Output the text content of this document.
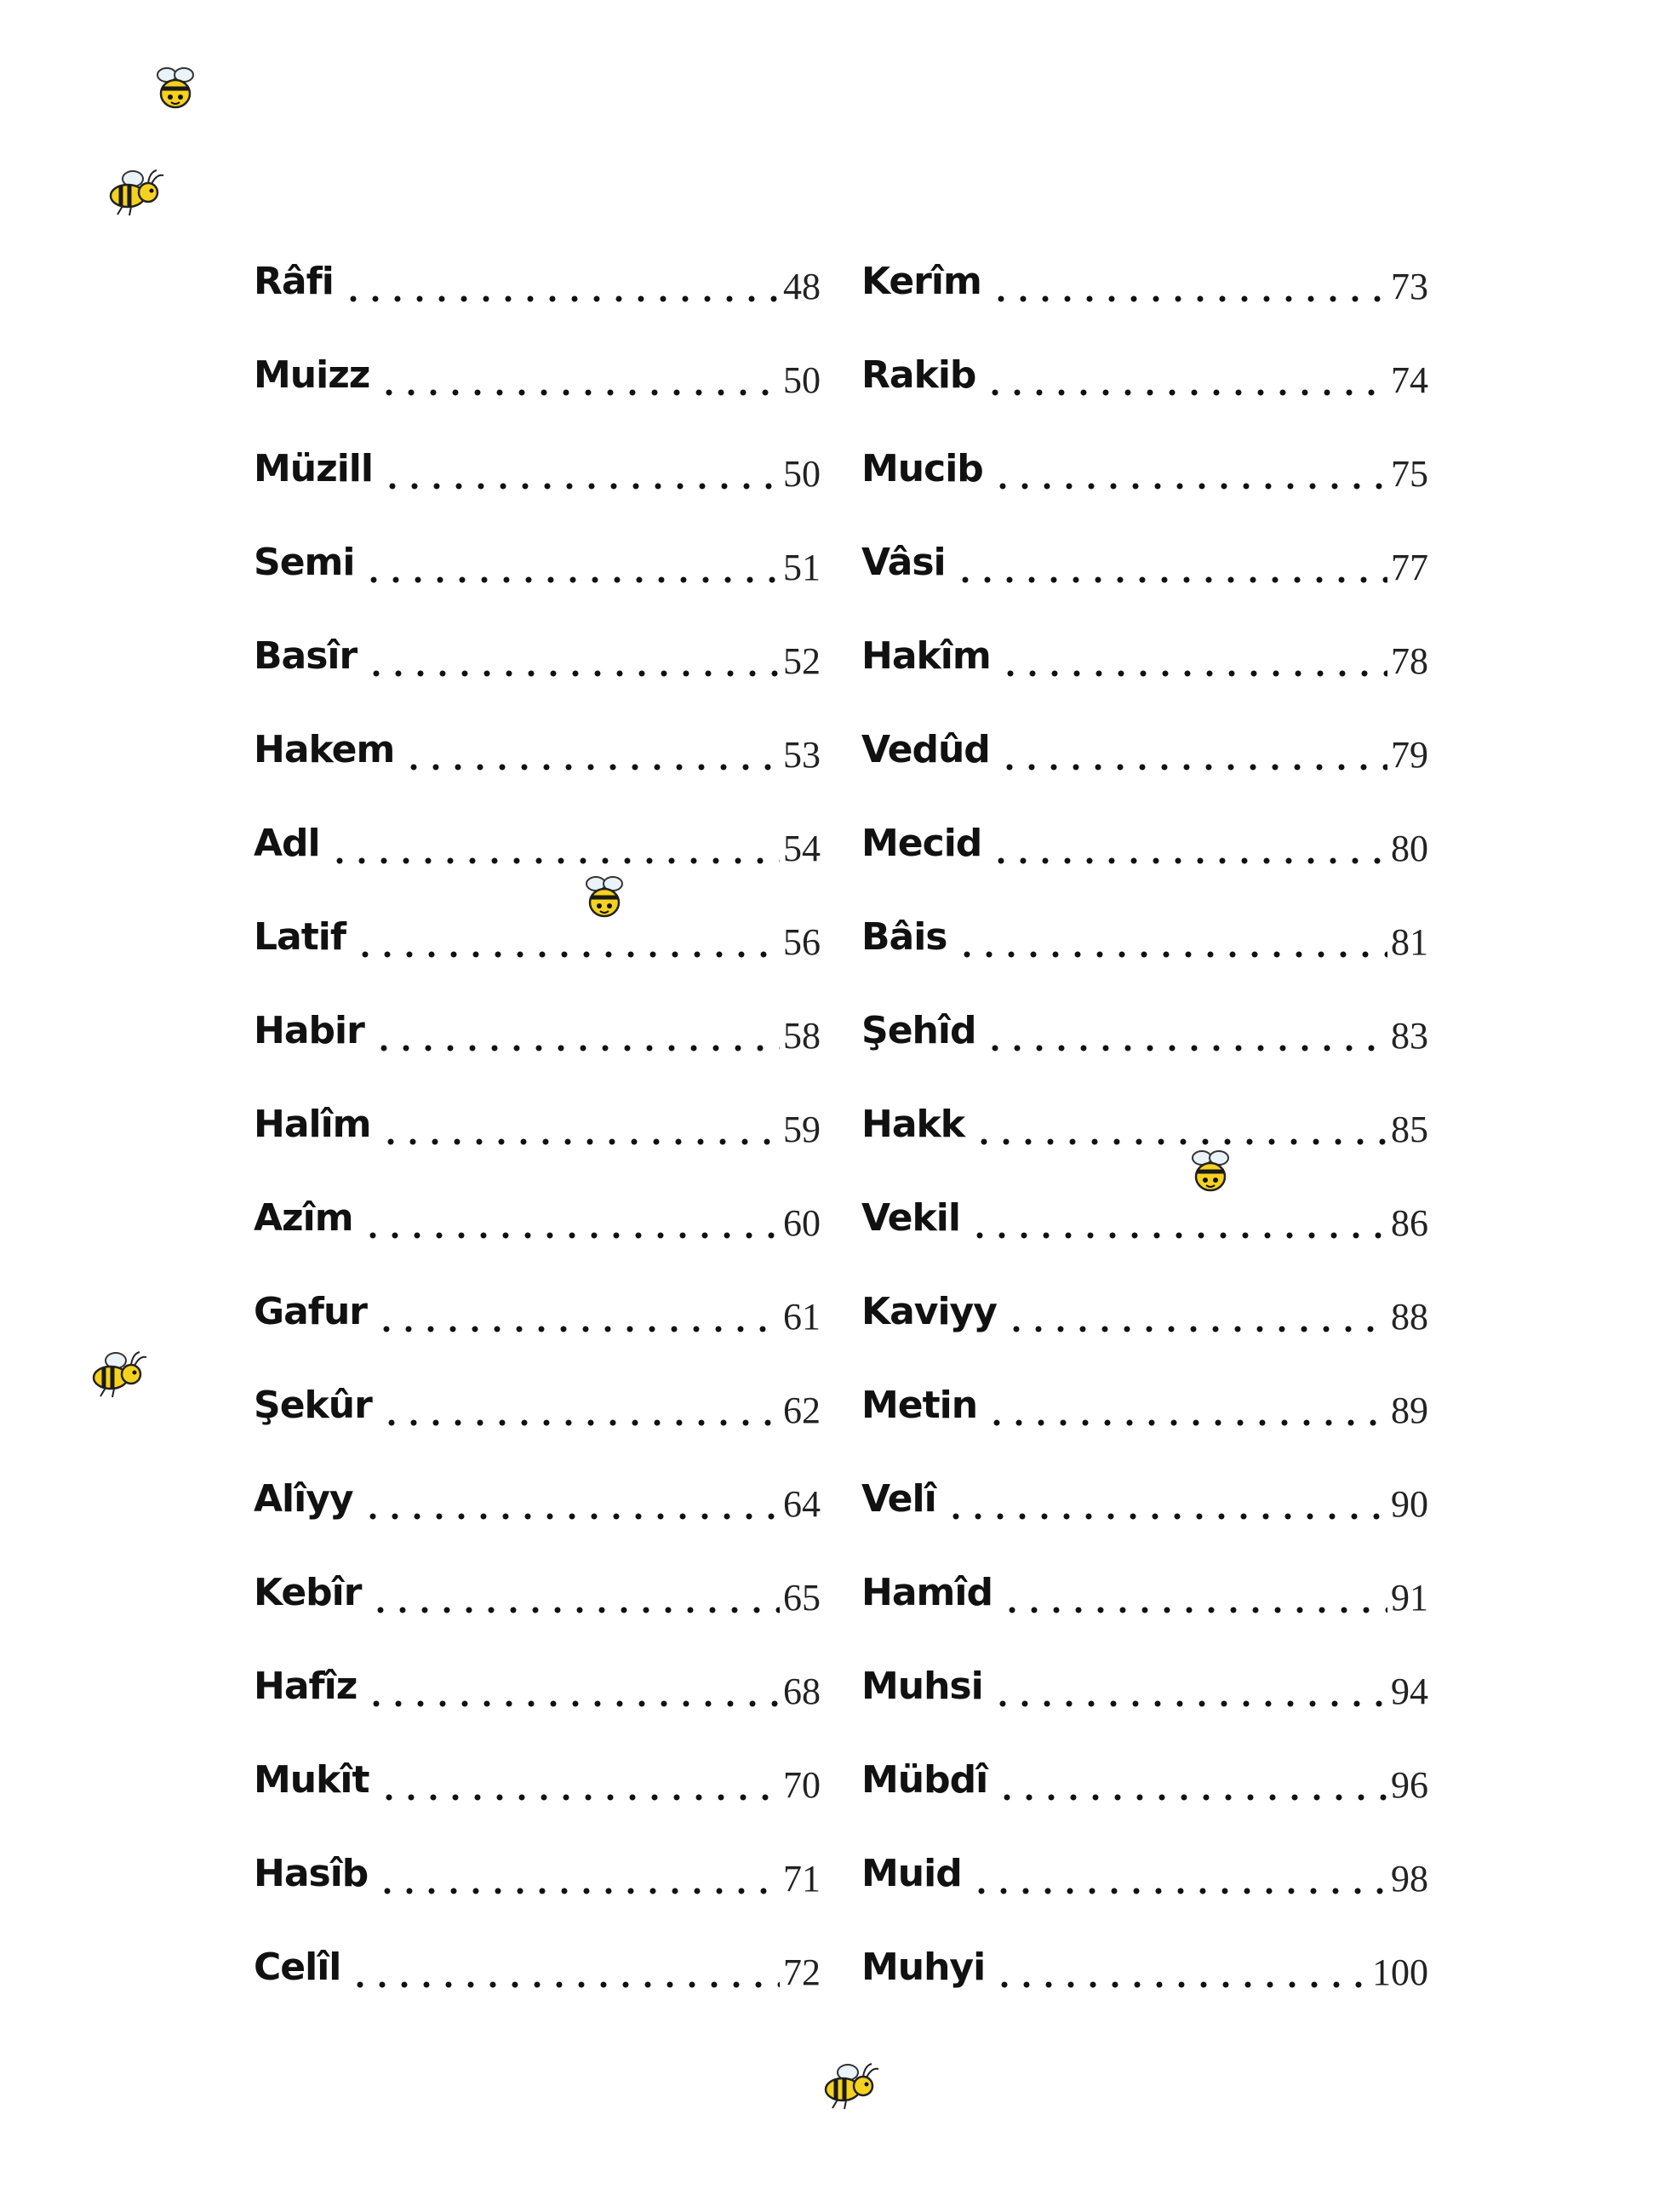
Râfi	48
Muizz	50
Müzill	50
Semi	51
Basîr	52
Hakem	53
Adl	54
Latif	56
Habir	58
Halîm	59
Azîm	60
Gafur	61
Şekûr	62
Alîyy	64
Kebîr	65
Hafîz	68
Mukît	70
Hasîb	71
Celîl	72
Kerîm	73
Rakib	74
Mucib	75
Vâsi	77
Hakîm	78
Vedûd	79
Mecid	80
Bâis	81
Şehîd	83
Hakk	85
Vekil	86
Kaviyy	88
Metin	89
Velî	90
Hamîd	91
Muhsi	94
Mübdî	96
Muid	98
Muhyi	100
